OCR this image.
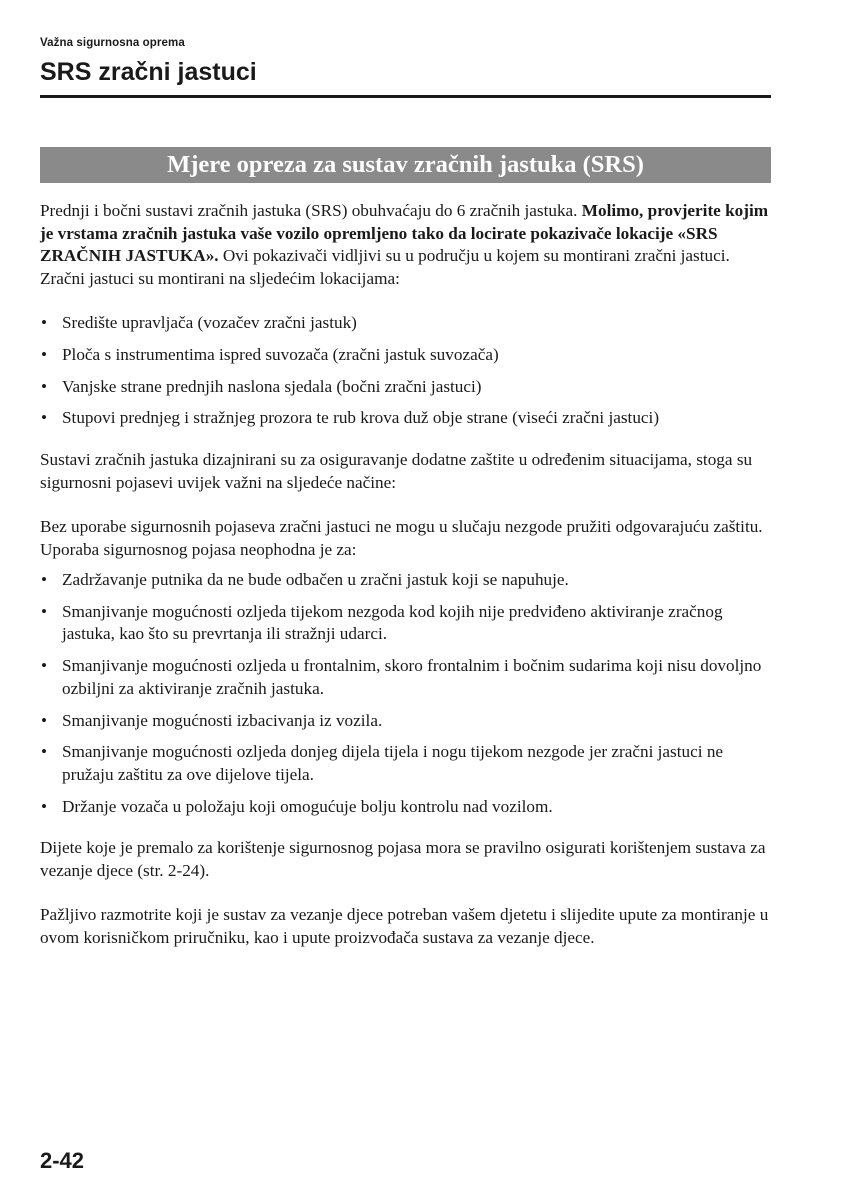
Važna sigurnosna oprema
SRS zračni jastuci
Mjere opreza za sustav zračnih jastuka (SRS)

Prednji i bočni sustavi zračnih jastuka (SRS) obuhvaćaju do 6 zračnih jastuka. Molimo, provjerite kojim je vrstama zračnih jastuka vaše vozilo opremljeno tako da locirate pokazivače lokacije «SRS ZRAČNIH JASTUKA». Ovi pokazivači vidljivi su u području u kojem su montirani zračni jastuci.

Zračni jastuci su montirani na sljedećim lokacijama:

• Središte upravljača (vozačev zračni jastuk)
• Ploča s instrumentima ispred suvozača (zračni jastuk suvozača)
• Vanjske strane prednjih naslona sjedala (bočni zračni jastuci)
• Stupovi prednjeg i stražnjeg prozora te rub krova duž obje strane (viseći zračni jastuci)

Sustavi zračnih jastuka dizajnirani su za osiguravanje dodatne zaštite u određenim situacijama, stoga su sigurnosni pojasevi uvijek važni na sljedeće načine:

Bez uporabe sigurnosnih pojaseva zračni jastuci ne mogu u slučaju nezgode pružiti odgovarajuću zaštitu. Uporaba sigurnosnog pojasa neophodna je za:

• Zadržavanje putnika da ne bude odbačen u zračni jastuk koji se napuhuje.
• Smanjivanje mogućnosti ozljeda tijekom nezgoda kod kojih nije predviđeno aktiviranje zračnog jastuka, kao što su prevrtanja ili stražnji udarci.
• Smanjivanje mogućnosti ozljeda u frontalnim, skoro frontalnim i bočnim sudarima koji nisu dovoljno ozbiljni za aktiviranje zračnih jastuka.
• Smanjivanje mogućnosti izbacivanja iz vozila.
• Smanjivanje mogućnosti ozljeda donjeg dijela tijela i nogu tijekom nezgode jer zračni jastuci ne pružaju zaštitu za ove dijelove tijela.
• Držanje vozača u položaju koji omogućuje bolju kontrolu nad vozilom.

Dijete koje je premalo za korištenje sigurnosnog pojasa mora se pravilno osigurati korištenjem sustava za vezanje djece (str. 2-24).

Pažljivo razmotrite koji je sustav za vezanje djece potreban vašem djetetu i slijedite upute za montiranje u ovom korisničkom priručniku, kao i upute proizvođača sustava za vezanje djece.

2-42
